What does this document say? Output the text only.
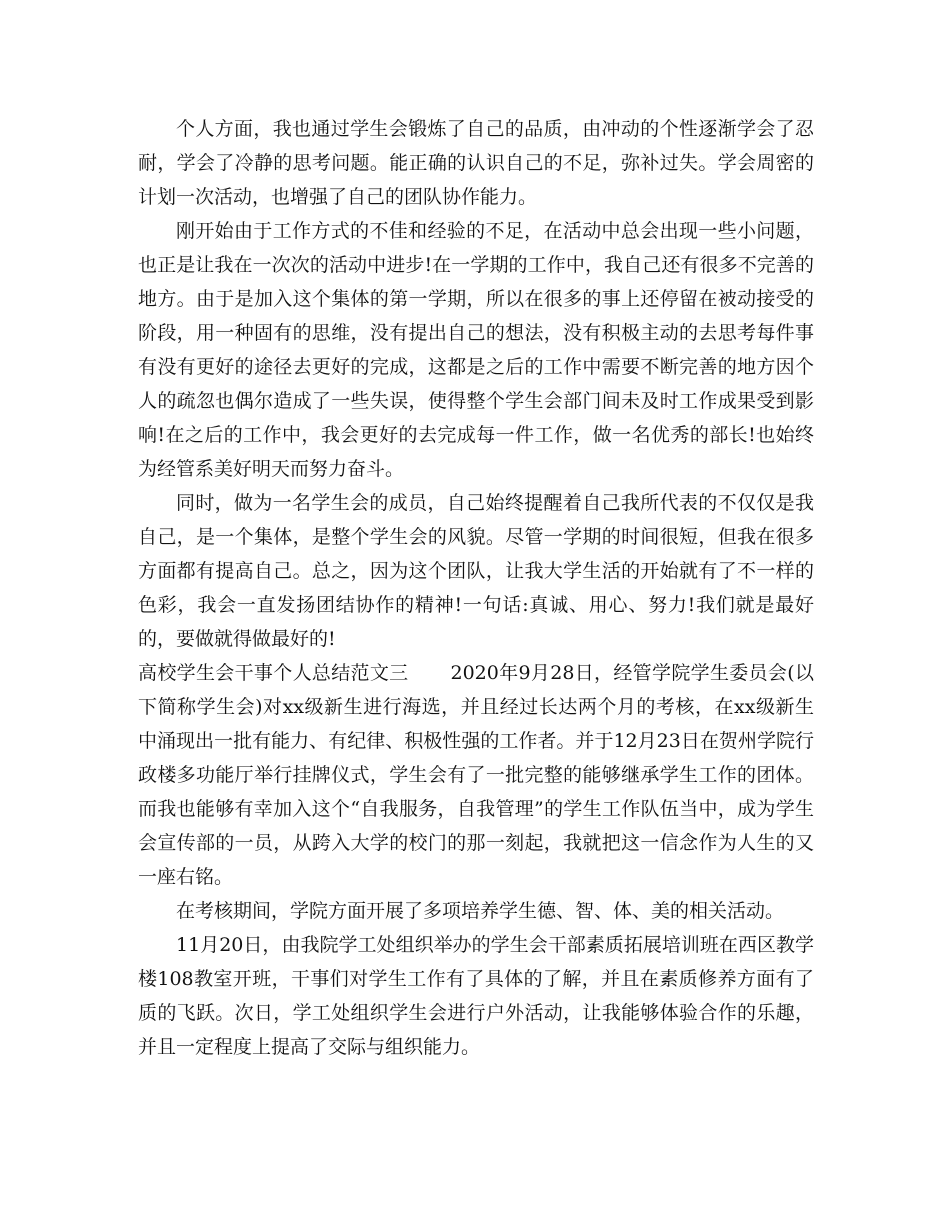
个人方面，我也通过学生会锻炼了自己的品质，由冲动的个性逐渐学会了忍耐，学会了冷静的思考问题。能正确的认识自己的不足，弥补过失。学会周密的计划一次活动，也增强了自己的团队协作能力。

刚开始由于工作方式的不佳和经验的不足，在活动中总会出现一些小问题，也正是让我在一次次的活动中进步!在一学期的工作中，我自己还有很多不完善的地方。由于是加入这个集体的第一学期，所以在很多的事上还停留在被动接受的阶段，用一种固有的思维，没有提出自己的想法，没有积极主动的去思考每件事有没有更好的途径去更好的完成，这都是之后的工作中需要不断完善的地方因个人的疏忽也偶尔造成了一些失误，使得整个学生会部门间未及时工作成果受到影响!在之后的工作中，我会更好的去完成每一件工作，做一名优秀的部长!也始终为经管系美好明天而努力奋斗。

同时，做为一名学生会的成员，自己始终提醒着自己我所代表的不仅仅是我自己，是一个集体，是整个学生会的风貌。尽管一学期的时间很短，但我在很多方面都有提高自己。总之，因为这个团队，让我大学生活的开始就有了不一样的色彩，我会一直发扬团结协作的精神!一句话:真诚、用心、努力!我们就是最好的，要做就得做最好的!

高校学生会干事个人总结范文三 2020年9月28日，经管学院学生委员会(以下简称学生会)对xx级新生进行海选，并且经过长达两个月的考核，在xx级新生中涌现出一批有能力、有纪律、积极性强的工作者。并于12月23日在贺州学院行政楼多功能厅举行挂牌仪式，学生会有了一批完整的能够继承学生工作的团体。而我也能够有幸加入这个“自我服务，自我管理”的学生工作队伍当中，成为学生会宣传部的一员，从跨入大学的校门的那一刻起，我就把这一信念作为人生的又一座右铭。

在考核期间，学院方面开展了多项培养学生德、智、体、美的相关活动。

11月20日，由我院学工处组织举办的学生会干部素质拓展培训班在西区教学楼108教室开班，干事们对学生工作有了具体的了解，并且在素质修养方面有了质的飞跃。次日，学工处组织学生会进行户外活动，让我能够体验合作的乐趣，并且一定程度上提高了交际与组织能力。
